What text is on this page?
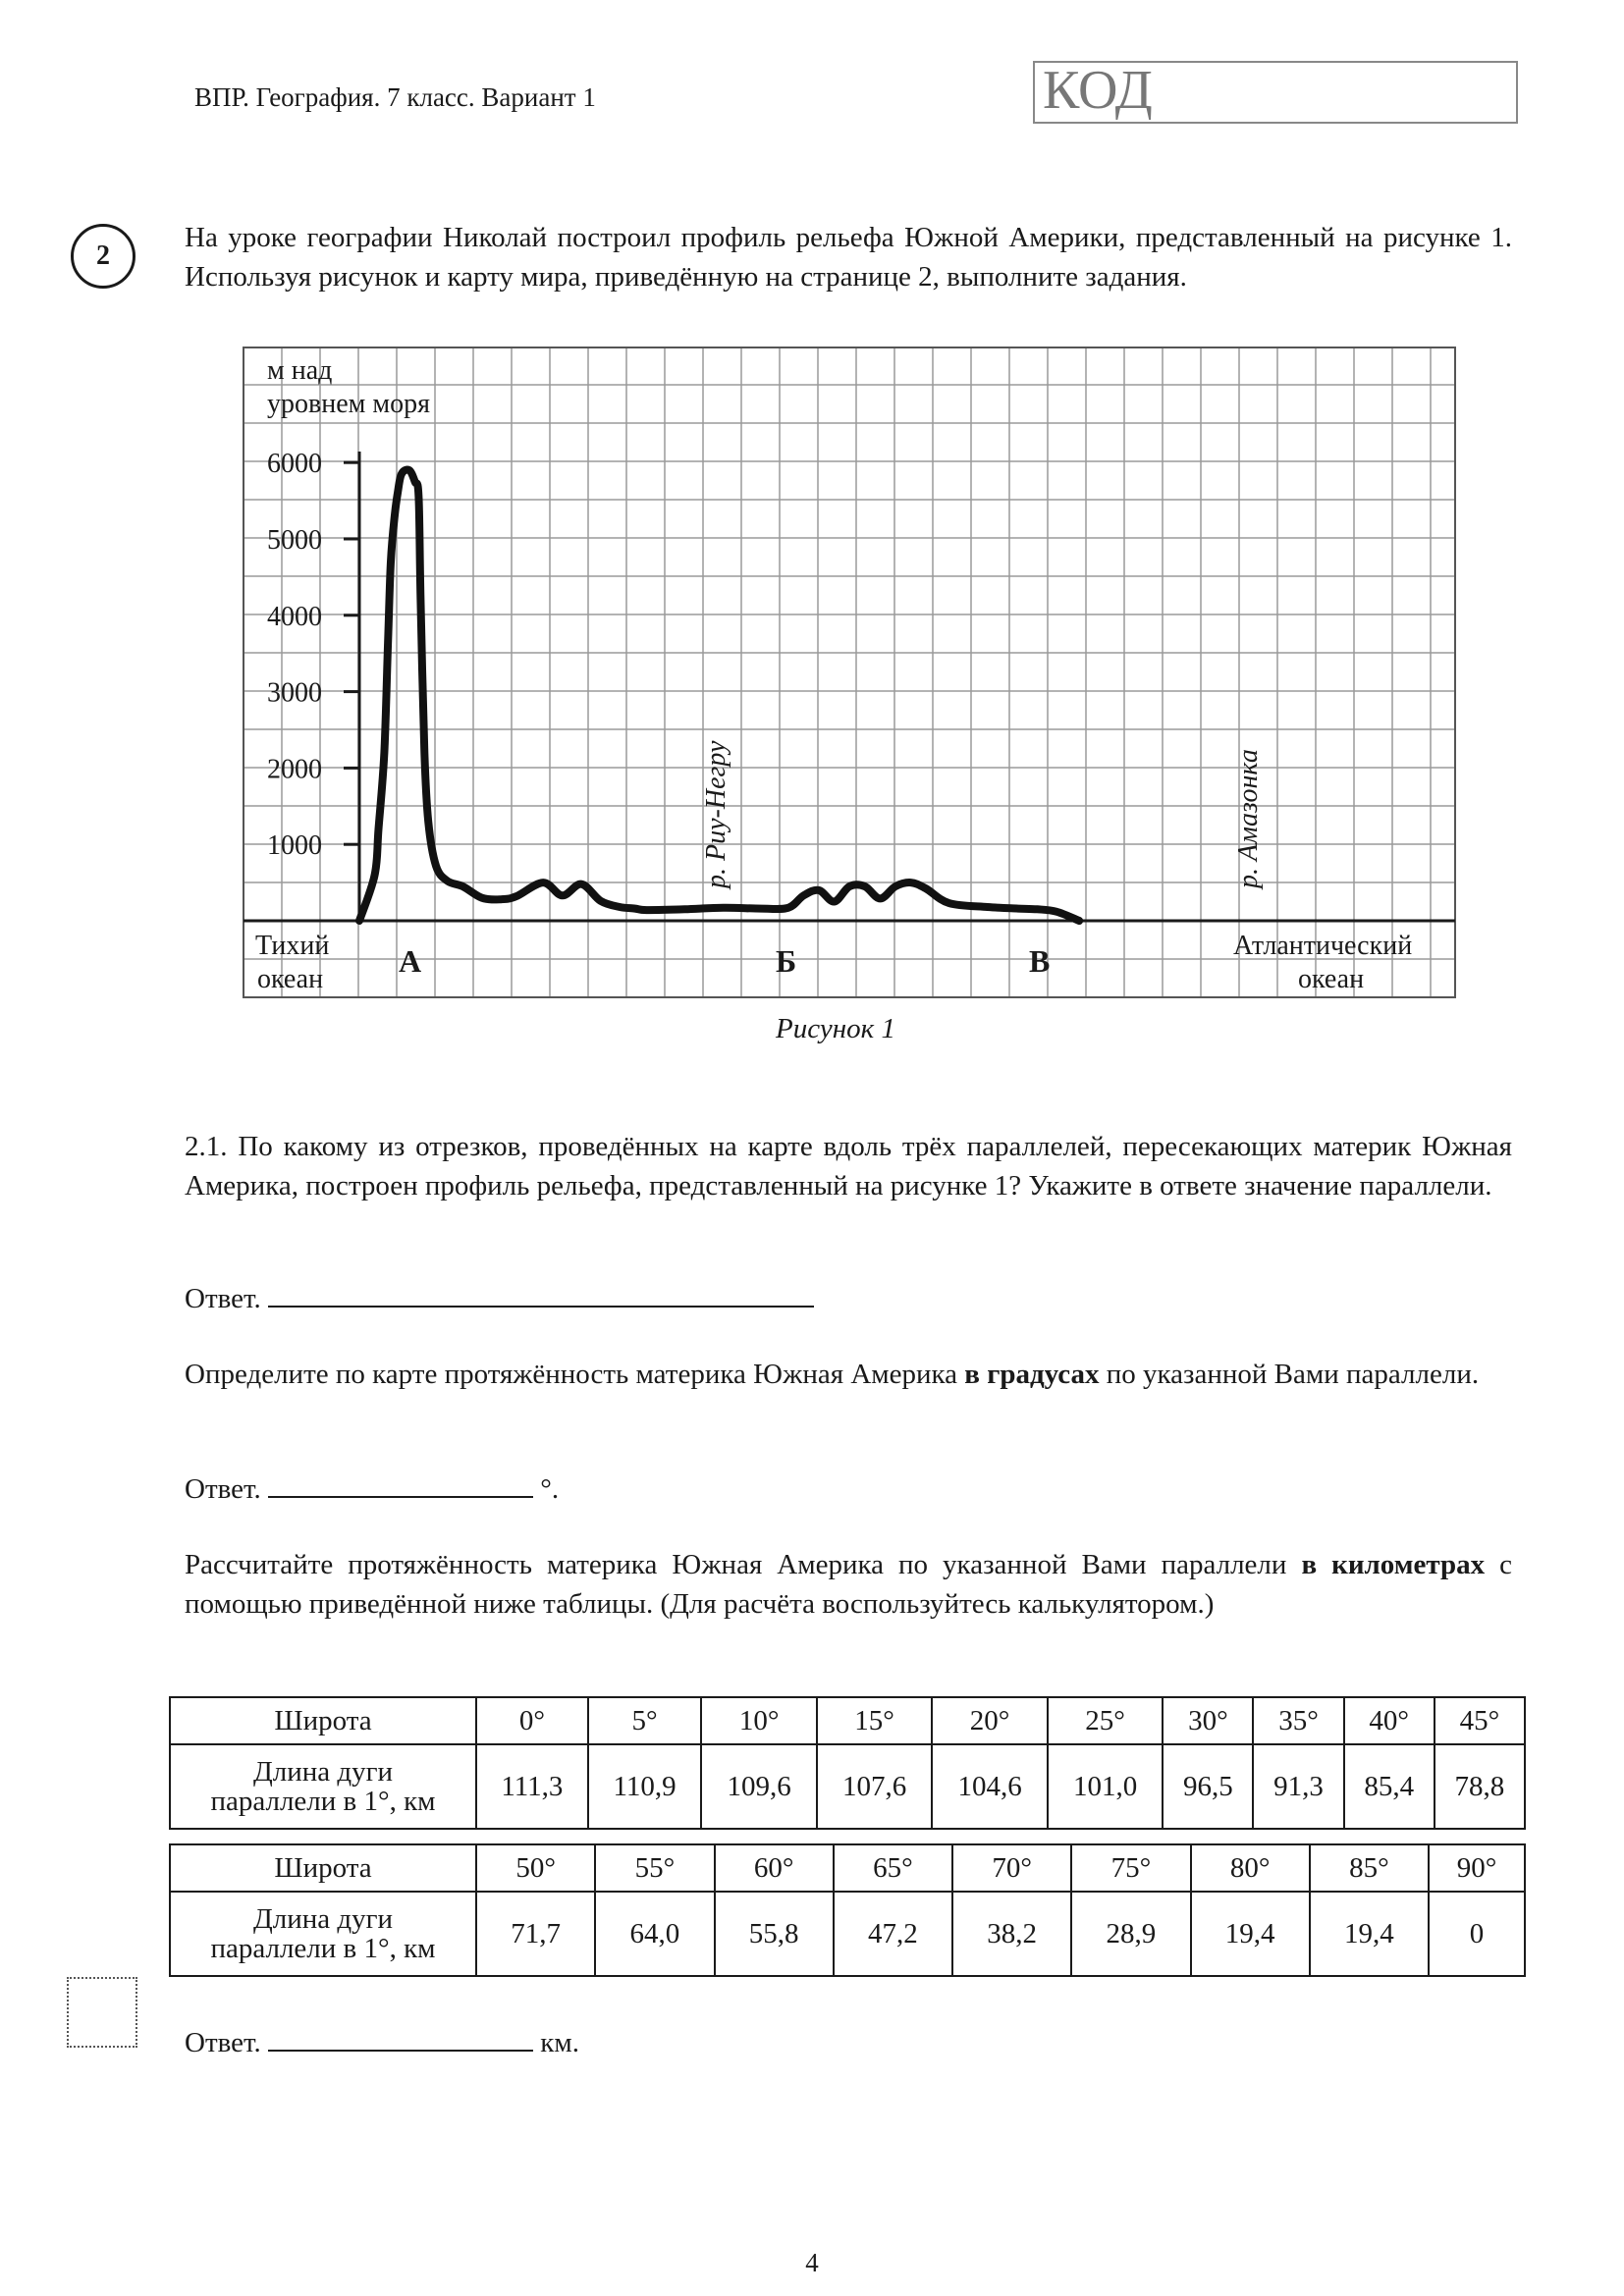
ВПР. География. 7 класс. Вариант 1	КОД
2
На уроке географии Николай построил профиль рельефа Южной Америки, представленный на рисунке 1. Используя рисунок и карту мира, приведённую на странице 2, выполните задания.
м над
уровнем моря
6000
5000
4000
3000
2000
1000
Тихий
океан
Атлантический
океан
А	Б	В
р. Риу-Негру	р. Амазонка
Рисунок 1
2.1. По какому из отрезков, проведённых на карте вдоль трёх параллелей, пересекающих материк Южная Америка, построен профиль рельефа, представленный на рисунке 1? Укажите в ответе значение параллели.
Ответ.
Определите по карте протяжённость материка Южная Америка в градусах по указанной Вами параллели.
Ответ.	°.
Рассчитайте протяжённость материка Южная Америка по указанной Вами параллели в километрах с помощью приведённой ниже таблицы. (Для расчёта воспользуйтесь калькулятором.)
Широта	0°	5°	10°	15°	20°	25°	30°	35°	40°	45°

Длина дуги
параллели в 1°, км	111,3	110,9	109,6	107,6	104,6	101,0	96,5	91,3	85,4	78,8
Широта	50°	55°	60°	65°	70°	75°	80°	85°	90°

Длина дуги
параллели в 1°, км	71,7	64,0	55,8	47,2	38,2	28,9	19,4	19,4	0
Ответ.	км.
4
